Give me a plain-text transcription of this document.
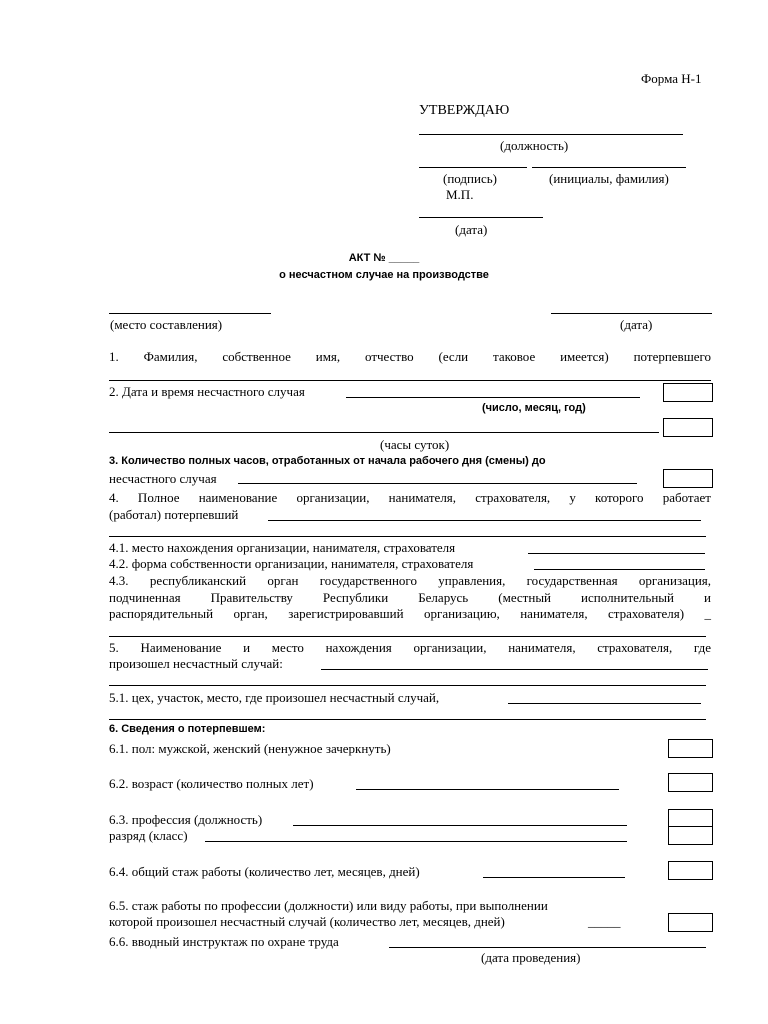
Форма Н-1
УТВЕРЖДАЮ
(должность)
(подпись)	(инициалы, фамилия)
М.П.
(дата)
АКТ № _____
о несчастном случае на производстве
(место составления)	(дата)
1. Фамилия, собственное имя, отчество (если таковое имеется) потерпевшего
2. Дата и время несчастного случая
(число, месяц, год)
(часы суток)
3. Количество полных часов, отработанных от начала рабочего дня (смены) до
несчастного случая
4. Полное наименование организации, нанимателя, страхователя, у которого работает
(работал) потерпевший
4.1. место нахождения организации, нанимателя, страхователя
4.2. форма собственности организации, нанимателя, страхователя
4.3. республиканский орган государственного управления, государственная организация,
подчиненная Правительству Республики Беларусь (местный исполнительный и
распорядительный орган, зарегистрировавший организацию, нанимателя, страхователя) _
5. Наименование и место нахождения организации, нанимателя, страхователя, где
произошел несчастный случай:
5.1. цех, участок, место, где произошел несчастный случай,
6. Сведения о потерпевшем:
6.1. пол: мужской, женский (ненужное зачеркнуть)
6.2. возраст (количество полных лет)
6.3. профессия (должность)
разряд (класс)
6.4. общий стаж работы (количество лет, месяцев, дней)
6.5. стаж работы по профессии (должности) или виду работы, при выполнении
которой произошел несчастный случай (количество лет, месяцев, дней)	_____
6.6. вводный инструктаж по охране труда
(дата проведения)
